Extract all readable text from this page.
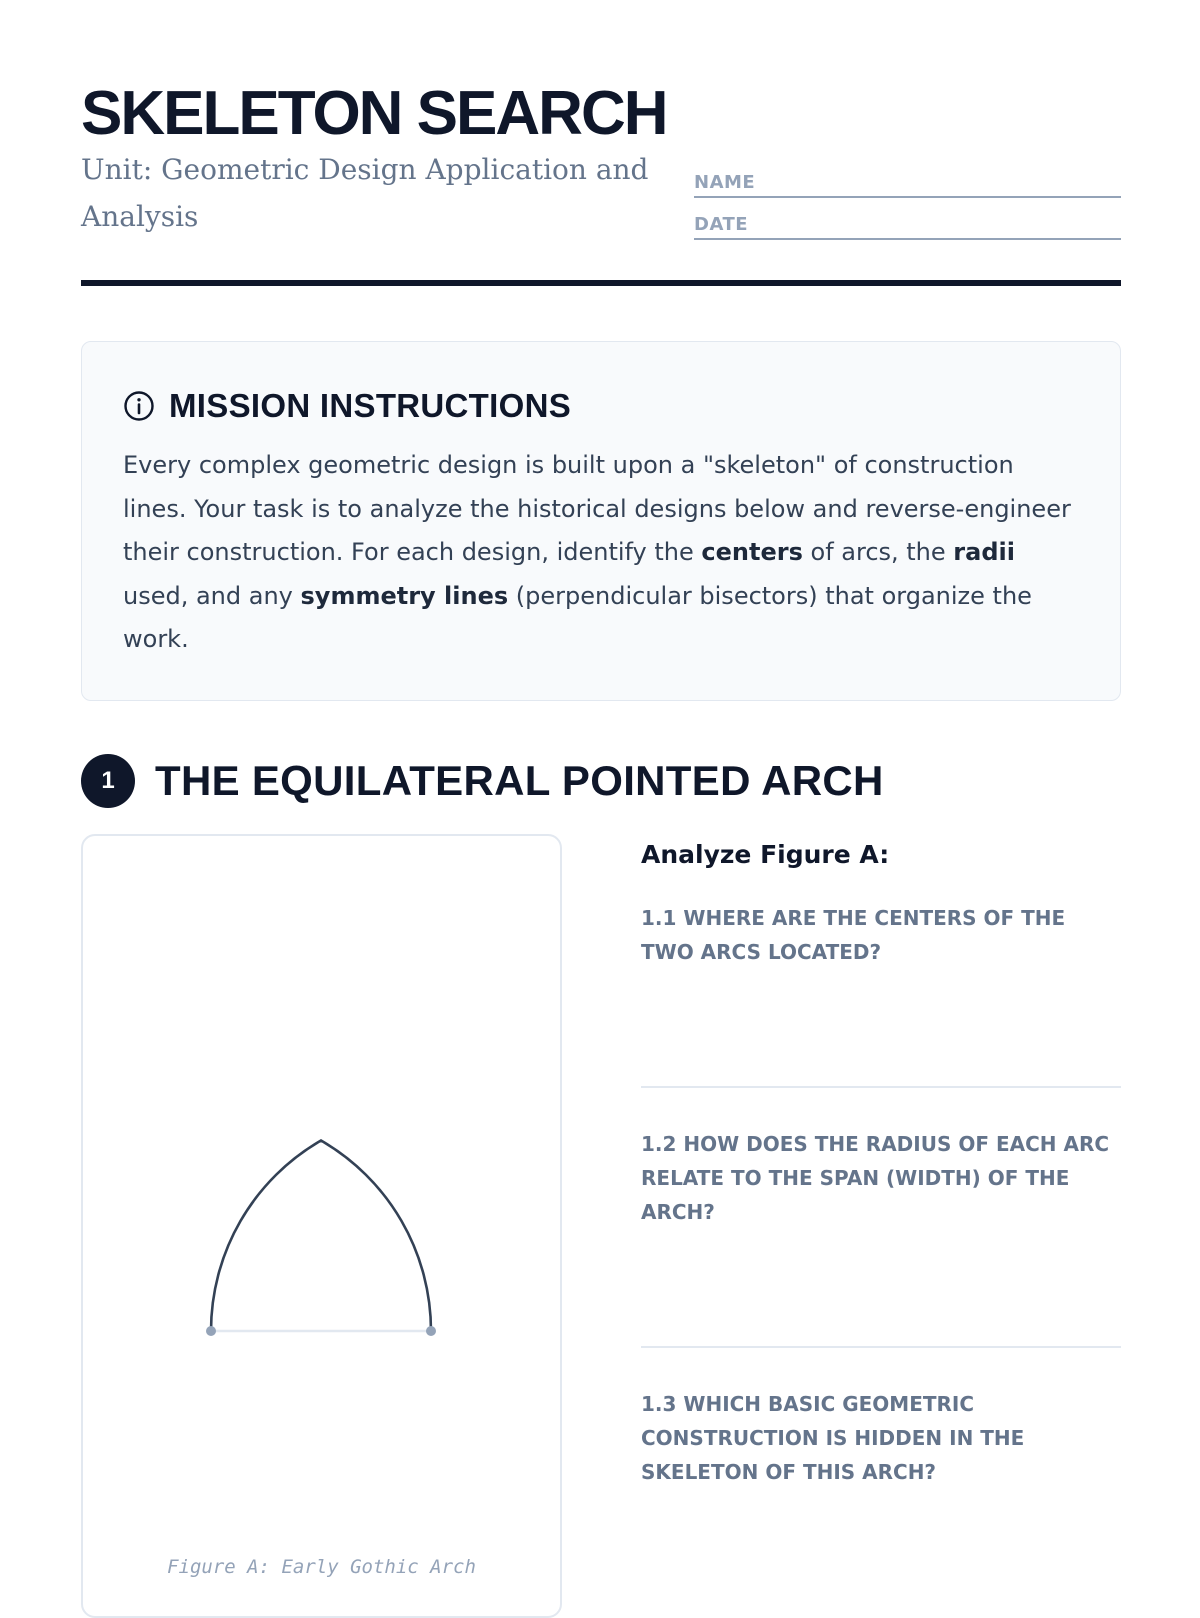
SKELETON SEARCH

Unit: Geometric Design Application and Analysis

NAME
DATE
MISSION INSTRUCTIONS

Every complex geometric design is built upon a "skeleton" of construction lines. Your task is to analyze the historical designs below and reverse-engineer their construction. For each design, identify the centers of arcs, the radii used, and any symmetry lines (perpendicular bisectors) that organize the work.

1 THE EQUILATERAL POINTED ARCH
Figure A: Early Gothic Arch

Analyze Figure A:

1.1 WHERE ARE THE CENTERS OF THE TWO ARCS LOCATED?

1.2 HOW DOES THE RADIUS OF EACH ARC RELATE TO THE SPAN (WIDTH) OF THE ARCH?

1.3 WHICH BASIC GEOMETRIC CONSTRUCTION IS HIDDEN IN THE SKELETON OF THIS ARCH?
